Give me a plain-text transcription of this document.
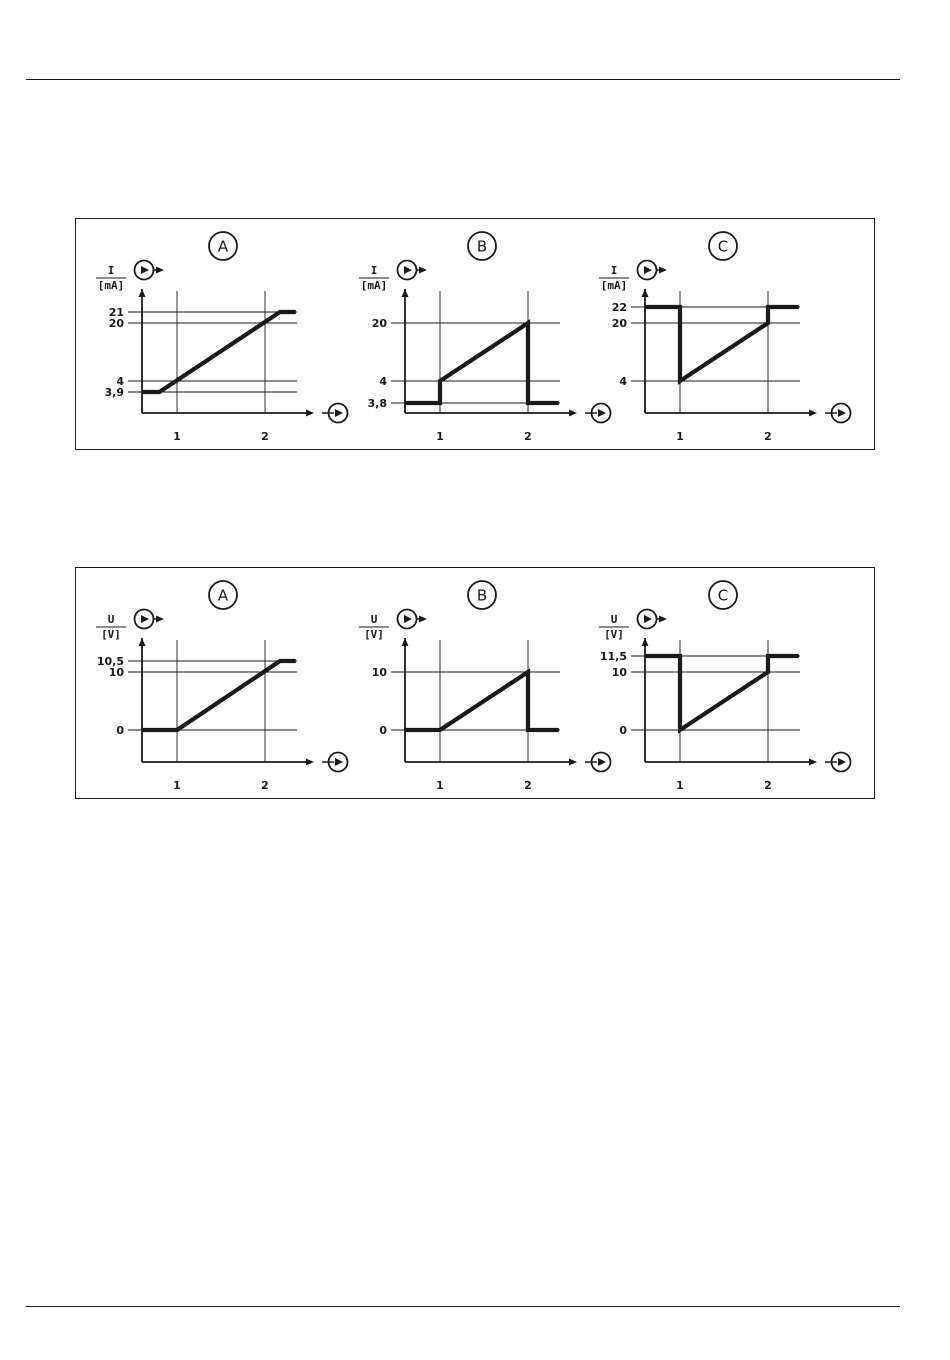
21
20
4
3,9
1	2
I
[mA]
A
20
4
3,8
1	2
I
[mA]
B
22
20
4
1	2
I
[mA]
C
10,5
10
0
1	2
U
[V]
A
10
0
1	2
U
[V]
B
11,5
10
0
1	2
U
[V]
C
